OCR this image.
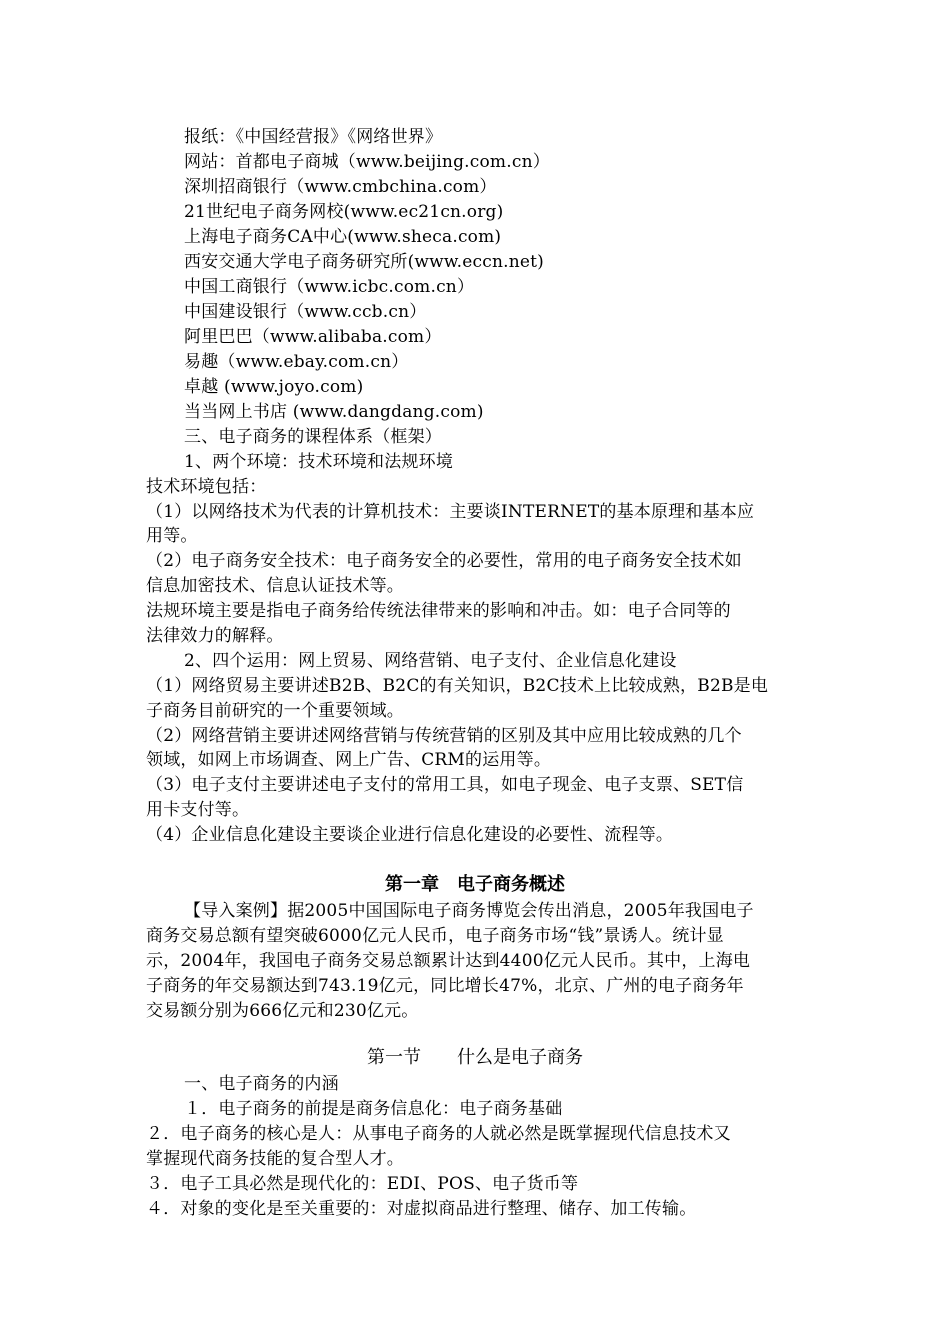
报纸：《中国经营报》《网络世界》
网站：首都电子商城（www.beijing.com.cn）
深圳招商银行（www.cmbchina.com）
21世纪电子商务网校(www.ec21cn.org)
上海电子商务CA中心(www.sheca.com)
西安交通大学电子商务研究所(www.eccn.net)
中国工商银行（www.icbc.com.cn）
中国建设银行（www.ccb.cn）
阿里巴巴（www.alibaba.com）
易趣（www.ebay.com.cn）
卓越 (www.joyo.com)
当当网上书店 (www.dangdang.com)
三、电子商务的课程体系（框架）
1、两个环境：技术环境和法规环境
技术环境包括：
（1）以网络技术为代表的计算机技术：主要谈INTERNET的基本原理和基本应
用等。
（2）电子商务安全技术：电子商务安全的必要性，常用的电子商务安全技术如
信息加密技术、信息认证技术等。
法规环境主要是指电子商务给传统法律带来的影响和冲击。如：电子合同等的
法律效力的解释。
2、四个运用：网上贸易、网络营销、电子支付、企业信息化建设
（1）网络贸易主要讲述B2B、B2C的有关知识，B2C技术上比较成熟，B2B是电
子商务目前研究的一个重要领域。
（2）网络营销主要讲述网络营销与传统营销的区别及其中应用比较成熟的几个
领域，如网上市场调查、网上广告、CRM的运用等。
（3）电子支付主要讲述电子支付的常用工具，如电子现金、电子支票、SET信
用卡支付等。
（4）企业信息化建设主要谈企业进行信息化建设的必要性、流程等。
第一章　电子商务概述
【导入案例】据2005中国国际电子商务博览会传出消息，2005年我国电子
商务交易总额有望突破6000亿元人民币，电子商务市场“钱”景诱人。统计显
示，2004年，我国电子商务交易总额累计达到4400亿元人民币。其中，上海电
子商务的年交易额达到743.19亿元，同比增长47%，北京、广州的电子商务年
交易额分别为666亿元和230亿元。
第一节　　什么是电子商务
一、电子商务的内涵
１．电子商务的前提是商务信息化：电子商务基础
２．电子商务的核心是人：从事电子商务的人就必然是既掌握现代信息技术又
掌握现代商务技能的复合型人才。
３．电子工具必然是现代化的：EDI、POS、电子货币等
４．对象的变化是至关重要的：对虚拟商品进行整理、储存、加工传输。
